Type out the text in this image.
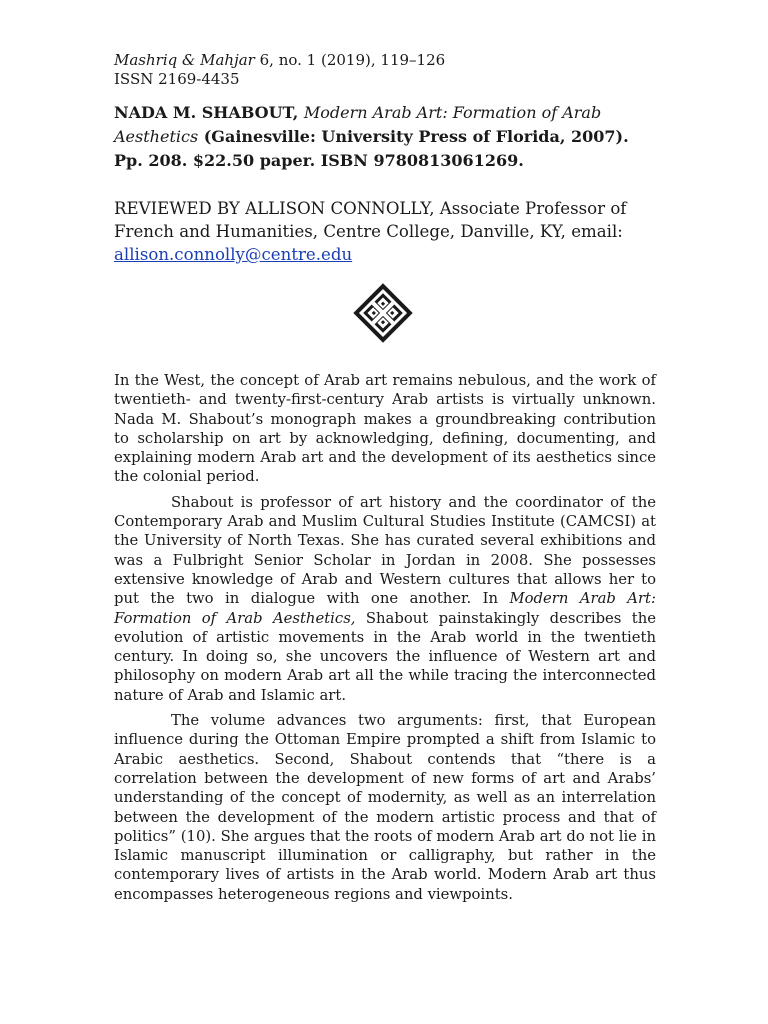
Mashriq & Mahjar 6, no. 1 (2019), 119–126
ISSN 2169-4435
NADA M. SHABOUT, Modern Arab Art: Formation of Arab Aesthetics (Gainesville: University Press of Florida, 2007). Pp. 208. $22.50 paper. ISBN 9780813061269.
REVIEWED BY ALLISON CONNOLLY, Associate Professor of French and Humanities, Centre College, Danville, KY, email:
allison.connolly@centre.edu

In the West, the concept of Arab art remains nebulous, and the work of twentieth- and twenty-first-century Arab artists is virtually unknown. Nada M. Shabout’s monograph makes a groundbreaking contribution to scholarship on art by acknowledging, defining, documenting, and explaining modern Arab art and the development of its aesthetics since the colonial period.

Shabout is professor of art history and the coordinator of the Contemporary Arab and Muslim Cultural Studies Institute (CAMCSI) at the University of North Texas. She has curated several exhibitions and was a Fulbright Senior Scholar in Jordan in 2008. She possesses extensive knowledge of Arab and Western cultures that allows her to put the two in dialogue with one another. In Modern Arab Art: Formation of Arab Aesthetics, Shabout painstakingly describes the evolution of artistic movements in the Arab world in the twentieth century. In doing so, she uncovers the influence of Western art and philosophy on modern Arab art all the while tracing the interconnected nature of Arab and Islamic art.

The volume advances two arguments: first, that European influence during the Ottoman Empire prompted a shift from Islamic to Arabic aesthetics. Second, Shabout contends that “there is a correlation between the development of new forms of art and Arabs’ understanding of the concept of modernity, as well as an interrelation between the development of the modern artistic process and that of politics” (10). She argues that the roots of modern Arab art do not lie in Islamic manuscript illumination or calligraphy, but rather in the contemporary lives of artists in the Arab world. Modern Arab art thus encompasses heterogeneous regions and viewpoints.
